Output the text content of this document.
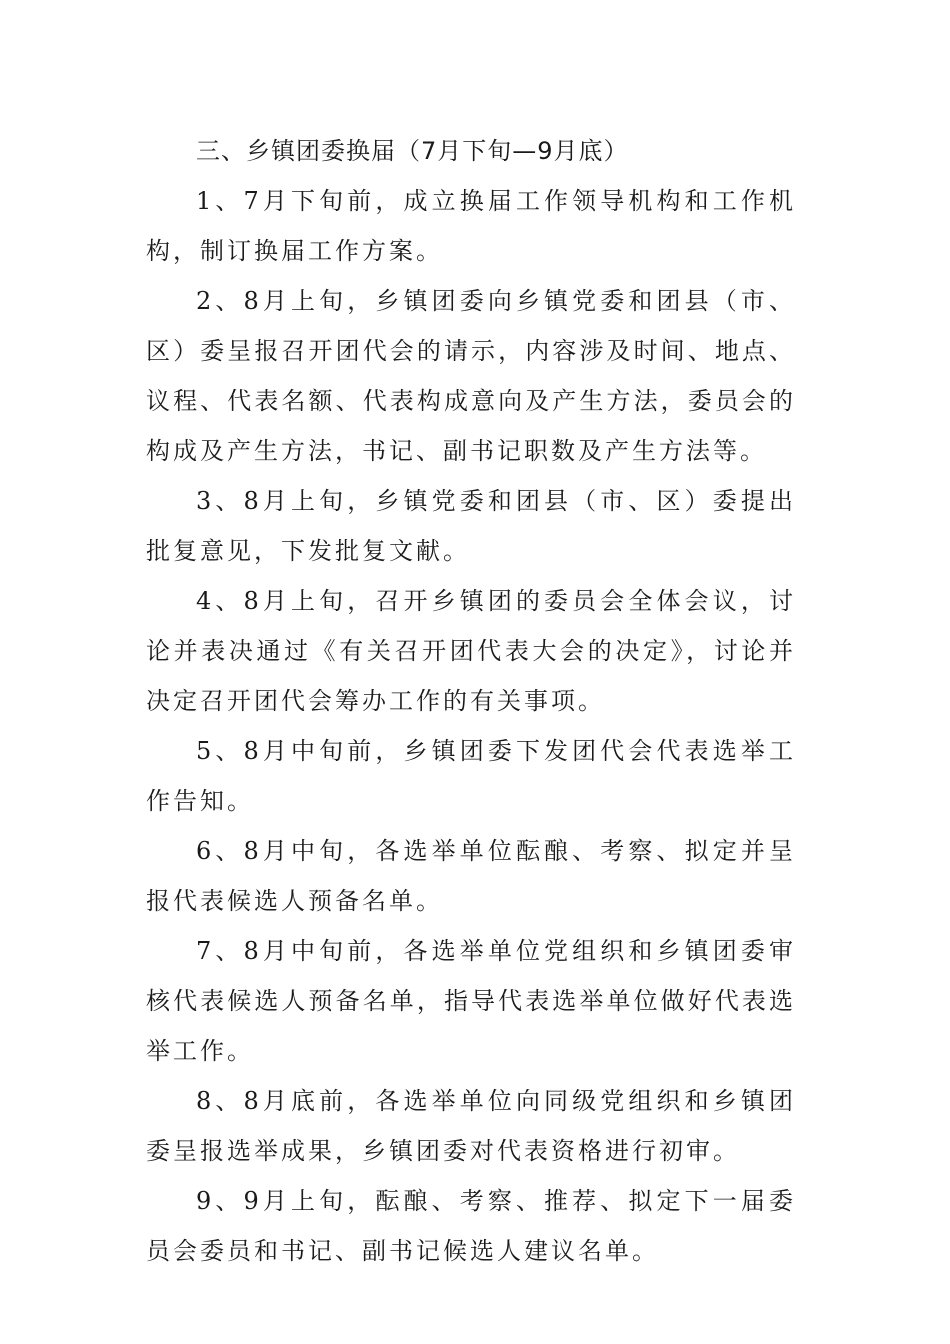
三、乡镇团委换届（7月下旬—9月底）

1、7月下旬前，成立换届工作领导机构和工作机构，制订换届工作方案。

2、8月上旬，乡镇团委向乡镇党委和团县（市、区）委呈报召开团代会的请示，内容涉及时间、地点、议程、代表名额、代表构成意向及产生方法，委员会的构成及产生方法，书记、副书记职数及产生方法等。

3、8月上旬，乡镇党委和团县（市、区）委提出批复意见，下发批复文献。

4、8月上旬，召开乡镇团的委员会全体会议，讨论并表决通过《有关召开团代表大会的决定》，讨论并决定召开团代会筹办工作的有关事项。

5、8月中旬前，乡镇团委下发团代会代表选举工作告知。

6、8月中旬，各选举单位酝酿、考察、拟定并呈报代表候选人预备名单。

7、8月中旬前，各选举单位党组织和乡镇团委审核代表候选人预备名单，指导代表选举单位做好代表选举工作。

8、8月底前，各选举单位向同级党组织和乡镇团委呈报选举成果，乡镇团委对代表资格进行初审。

9、9月上旬，酝酿、考察、推荐、拟定下一届委员会委员和书记、副书记候选人建议名单。
